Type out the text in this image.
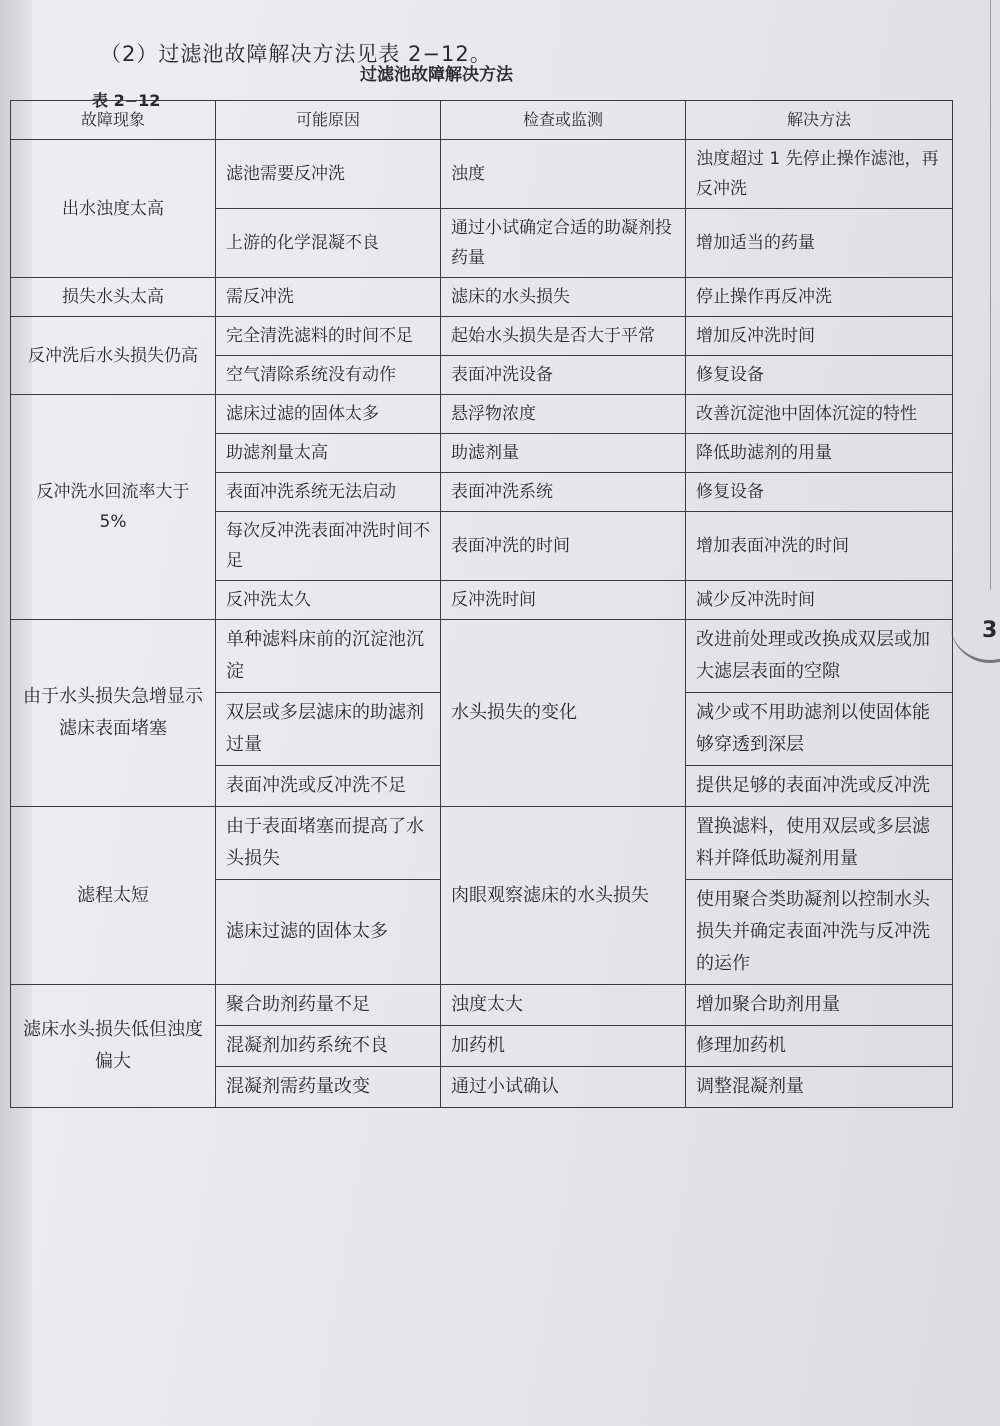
3
（2）过滤池故障解决方法见表 2−12。
过滤池故障解决方法
表 2−12
故障现象	可能原因	检查或监测	解决方法
出水浊度太高	滤池需要反冲洗	浊度	浊度超过 1 先停止操作滤池，再反冲洗
	上游的化学混凝不良	通过小试确定合适的助凝剂投药量	增加适当的药量
损失水头太高	需反冲洗	滤床的水头损失	停止操作再反冲洗
反冲洗后水头损失仍高	完全清洗滤料的时间不足	起始水头损失是否大于平常	增加反冲洗时间
	空气清除系统没有动作	表面冲洗设备	修复设备
反冲洗水回流率大于 5%	滤床过滤的固体太多	悬浮物浓度	改善沉淀池中固体沉淀的特性
	助滤剂量太高	助滤剂量	降低助滤剂的用量
	表面冲洗系统无法启动	表面冲洗系统	修复设备
	每次反冲洗表面冲洗时间不足	表面冲洗的时间	增加表面冲洗的时间
	反冲洗太久	反冲洗时间	减少反冲洗时间
由于水头损失急增显示滤床表面堵塞	单种滤料床前的沉淀池沉淀	水头损失的变化	改进前处理或改换成双层或加大滤层表面的空隙
	双层或多层滤床的助滤剂过量		减少或不用助滤剂以使固体能够穿透到深层
	表面冲洗或反冲洗不足		提供足够的表面冲洗或反冲洗
滤程太短	由于表面堵塞而提高了水头损失	肉眼观察滤床的水头损失	置换滤料，使用双层或多层滤料并降低助凝剂用量
	滤床过滤的固体太多		使用聚合类助凝剂以控制水头损失并确定表面冲洗与反冲洗的运作
滤床水头损失低但浊度偏大	聚合助剂药量不足	浊度太大	增加聚合助剂用量
	混凝剂加药系统不良	加药机	修理加药机
	混凝剂需药量改变	通过小试确认	调整混凝剂量
